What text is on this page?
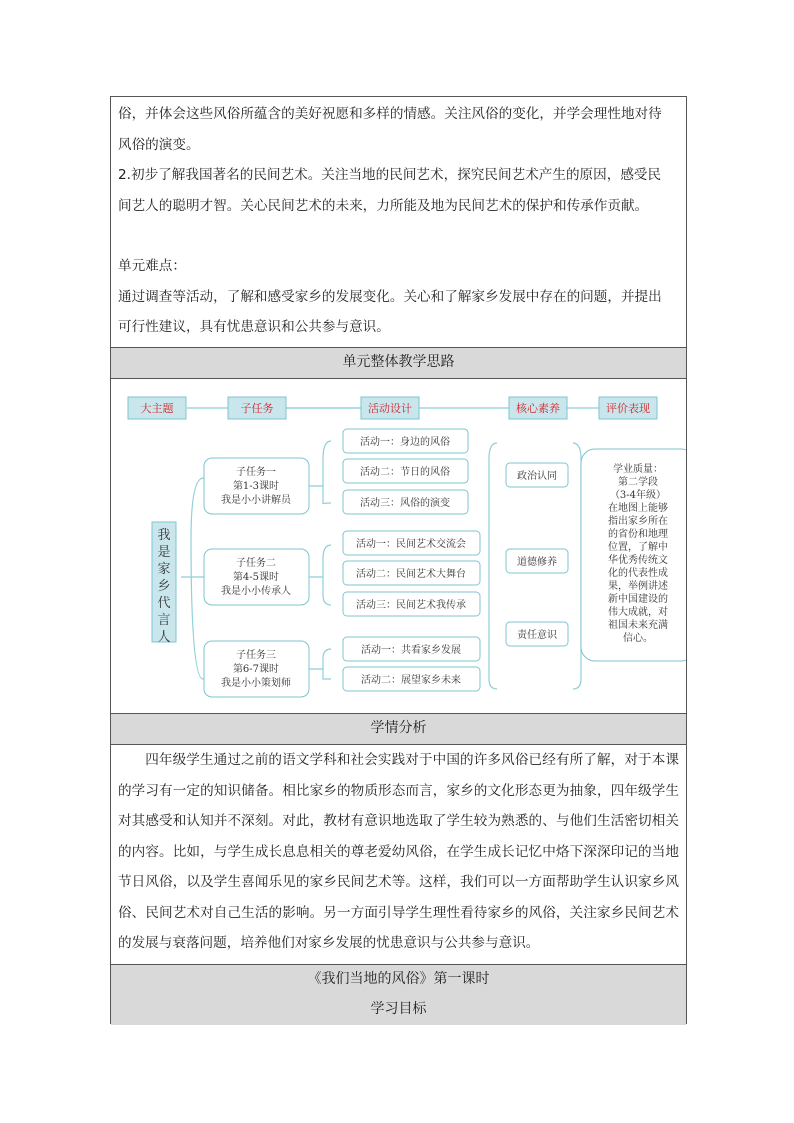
俗，并体会这些风俗所蕴含的美好祝愿和多样的情感。关注风俗的变化，并学会理性地对待

风俗的演变。

2.初步了解我国著名的民间艺术。关注当地的民间艺术，探究民间艺术产生的原因，感受民

间艺人的聪明才智。关心民间艺术的未来，力所能及地为民间艺术的保护和传承作贡献。

单元难点：

通过调查等活动，了解和感受家乡的发展变化。关心和了解家乡发展中存在的问题，并提出

可行性建议，具有忧患意识和公共参与意识。

单元整体教学思路
大主题	子任务	活动设计	核心素养	评价表现
我
是
家
乡
代
言
人
子任务一
第1-3课时
我是小小讲解员
子任务二
第4-5课时
我是小小传承人
子任务三
第6-7课时
我是小小策划师
活动一：身边的风俗
活动二：节日的风俗
活动三：风俗的演变
活动一：民间艺术交流会
活动二：民间艺术大舞台
活动三：民间艺术我传承
活动一：共看家乡发展
活动二：展望家乡未来
政治认同
道德修养
责任意识
学业质量：
第二学段
（3-4年级）
在地图上能够
指出家乡所在
的省份和地理
位置，了解中
华优秀传统文
化的代表性成
果，举例讲述
新中国建设的
伟大成就，对
祖国未来充满
信心。
学情分析

四年级学生通过之前的语文学科和社会实践对于中国的许多风俗已经有所了解，对于本课的学习有一定的知识储备。相比家乡的物质形态而言，家乡的文化形态更为抽象，四年级学生对其感受和认知并不深刻。对此，教材有意识地选取了学生较为熟悉的、与他们生活密切相关的内容。比如，与学生成长息息相关的尊老爱幼风俗，在学生成长记忆中烙下深深印记的当地节日风俗，以及学生喜闻乐见的家乡民间艺术等。这样，我们可以一方面帮助学生认识家乡风俗、民间艺术对自己生活的影响。另一方面引导学生理性看待家乡的风俗，关注家乡民间艺术的发展与衰落问题，培养他们对家乡发展的忧患意识与公共参与意识。

《我们当地的风俗》第一课时
学习目标
